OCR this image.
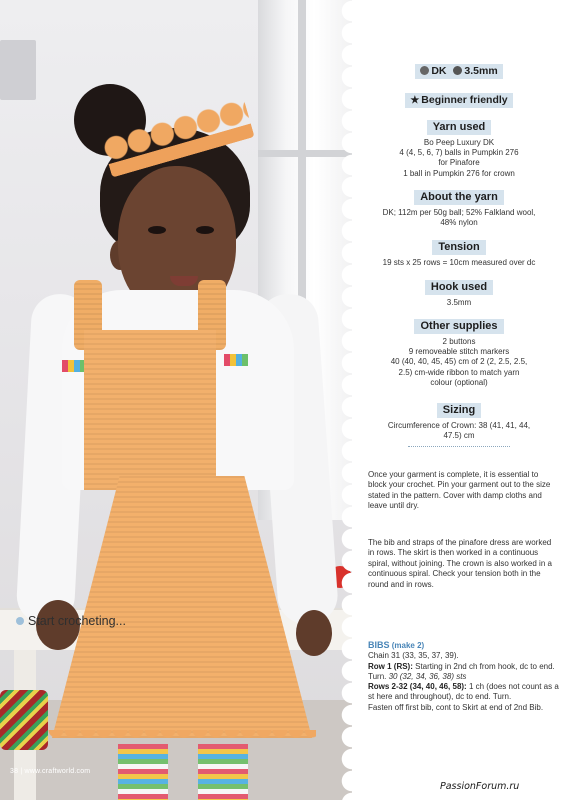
38 | www.craftworld.com
DK 3.5mm
★ Beginner friendly
Yarn used
Bo Peep Luxury DK
4 (4, 5, 6, 7) balls in Pumpkin 276
for Pinafore
1 ball in Pumpkin 276 for crown
About the yarn
DK; 112m per 50g ball; 52% Falkland wool,
48% nylon
Tension
19 sts x 25 rows = 10cm measured over dc
Hook used
3.5mm
Other supplies
2 buttons
9 removeable stitch markers
40 (40, 40, 45, 45) cm of 2 (2, 2.5, 2.5,
2.5) cm-wide ribbon to match yarn
colour (optional)
Sizing
Circumference of Crown: 38 (41, 41, 44,
47.5) cm
Once your garment is complete, it is essential to block your crochet. Pin your garment out to the size stated in the pattern. Cover with damp cloths and leave until dry.
The bib and straps of the pinafore dress are worked in rows. The skirt is then worked in a continuous spiral, without joining. The crown is also worked in a continuous spiral. Check your tension both in the round and in rows.
Start crocheting...
BIBS (make 2)
Chain 31 (33, 35, 37, 39).
Row 1 (RS): Starting in 2nd ch from hook, dc to end. Turn. 30 (32, 34, 36, 38) sts
Rows 2-32 (34, 40, 46, 58): 1 ch (does not count as a st here and throughout), dc to end. Turn.
Fasten off first bib, cont to Skirt at end of 2nd Bib.
PassionForum.ru
